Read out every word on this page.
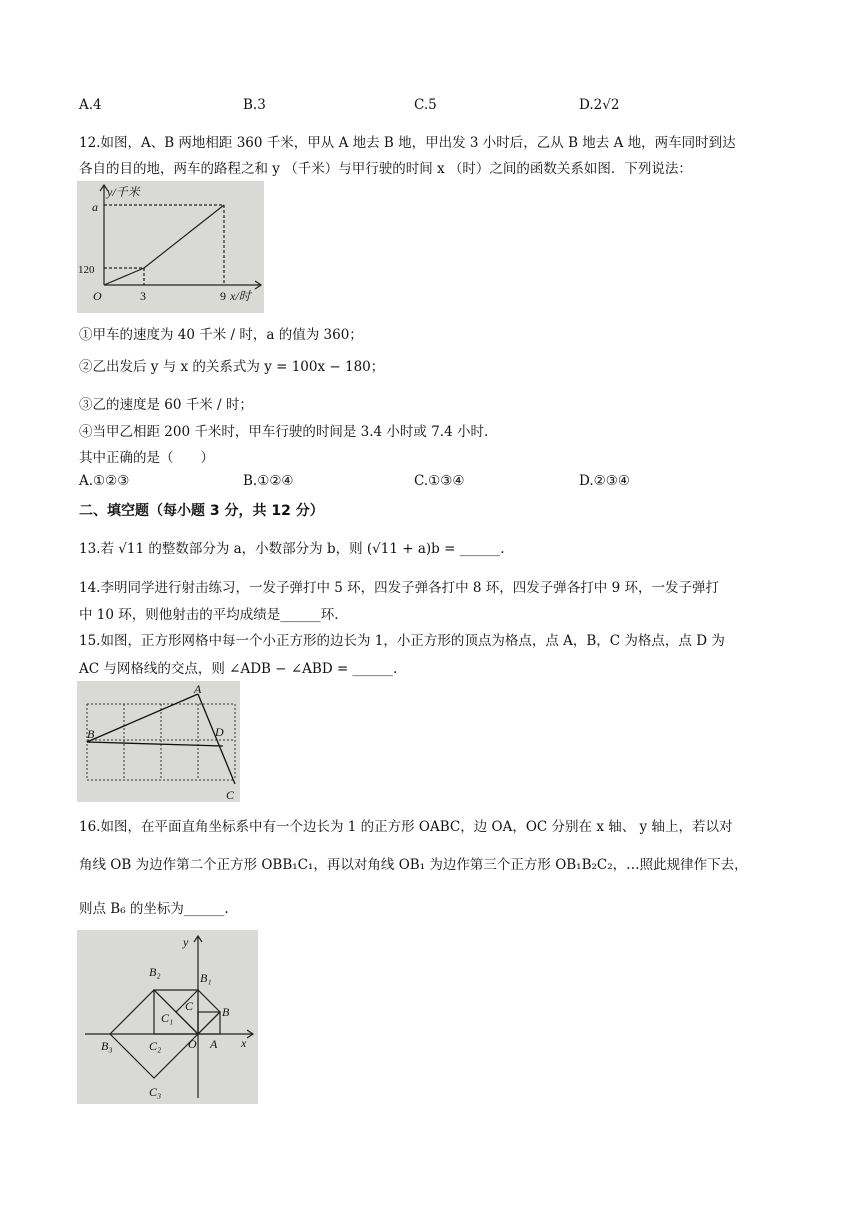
A.4	B.3	C.5	D.2√2
12.如图，A、B 两地相距 360 千米，甲从 A 地去 B 地，甲出发 3 小时后，乙从 B 地去 A 地，两车同时到达
各自的目的地，两车的路程之和 y （千米）与甲行驶的时间 x （时）之间的函数关系如图．下列说法：
y/千米
a
120
O	3	9 x/时
①甲车的速度为 40 千米 / 时，a 的值为 360；
②乙出发后 y 与 x 的关系式为 y = 100x − 180；
③乙的速度是 60 千米 / 时；
④当甲乙相距 200 千米时，甲车行驶的时间是 3.4 小时或 7.4 小时.
其中正确的是（　　）
A.①②③	B.①②④	C.①③④	D.②③④
二、填空题（每小题 3 分，共 12 分）
13.若 √11 的整数部分为 a，小数部分为 b，则 (√11 + a)b = ______.
14.李明同学进行射击练习，一发子弹打中 5 环，四发子弹各打中 8 环，四发子弹各打中 9 环，一发子弹打
中 10 环，则他射击的平均成绩是______环.
15.如图，正方形网格中每一个小正方形的边长为 1，小正方形的顶点为格点，点 A，B，C 为格点，点 D 为
AC 与网格线的交点，则 ∠ADB − ∠ABD = ______.
A
B	D
C
16.如图，在平面直角坐标系中有一个边长为 1 的正方形 OABC，边 OA，OC 分别在 x 轴、 y 轴上，若以对
角线 OB 为边作第二个正方形 OBB₁C₁，再以对角线 OB₁ 为边作第三个正方形 OB₁B₂C₂，…照此规律作下去，
则点 B₆ 的坐标为______.
y
x
O A
B
C
B₁
C₁
B₂
C₂
B₃
C₃
